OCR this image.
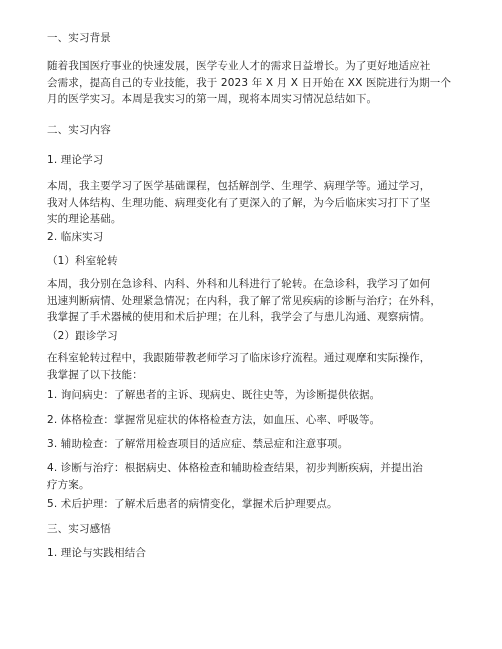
一、实习背景
随着我国医疗事业的快速发展，医学专业人才的需求日益增长。为了更好地适应社
会需求，提高自己的专业技能，我于 2023 年 X 月 X 日开始在 XX 医院进行为期一个
月的医学实习。本周是我实习的第一周，现将本周实习情况总结如下。
二、实习内容
1. 理论学习
本周，我主要学习了医学基础课程，包括解剖学、生理学、病理学等。通过学习，
我对人体结构、生理功能、病理变化有了更深入的了解，为今后临床实习打下了坚
实的理论基础。
2. 临床实习
（1）科室轮转
本周，我分别在急诊科、内科、外科和儿科进行了轮转。在急诊科，我学习了如何
迅速判断病情、处理紧急情况；在内科，我了解了常见疾病的诊断与治疗；在外科，
我掌握了手术器械的使用和术后护理；在儿科，我学会了与患儿沟通、观察病情。
（2）跟诊学习
在科室轮转过程中，我跟随带教老师学习了临床诊疗流程。通过观摩和实际操作，
我掌握了以下技能：
1. 询问病史：了解患者的主诉、现病史、既往史等，为诊断提供依据。
2. 体格检查：掌握常见症状的体格检查方法，如血压、心率、呼吸等。
3. 辅助检查：了解常用检查项目的适应症、禁忌症和注意事项。
4. 诊断与治疗：根据病史、体格检查和辅助检查结果，初步判断疾病，并提出治
疗方案。
5. 术后护理：了解术后患者的病情变化，掌握术后护理要点。
三、实习感悟
1. 理论与实践相结合
